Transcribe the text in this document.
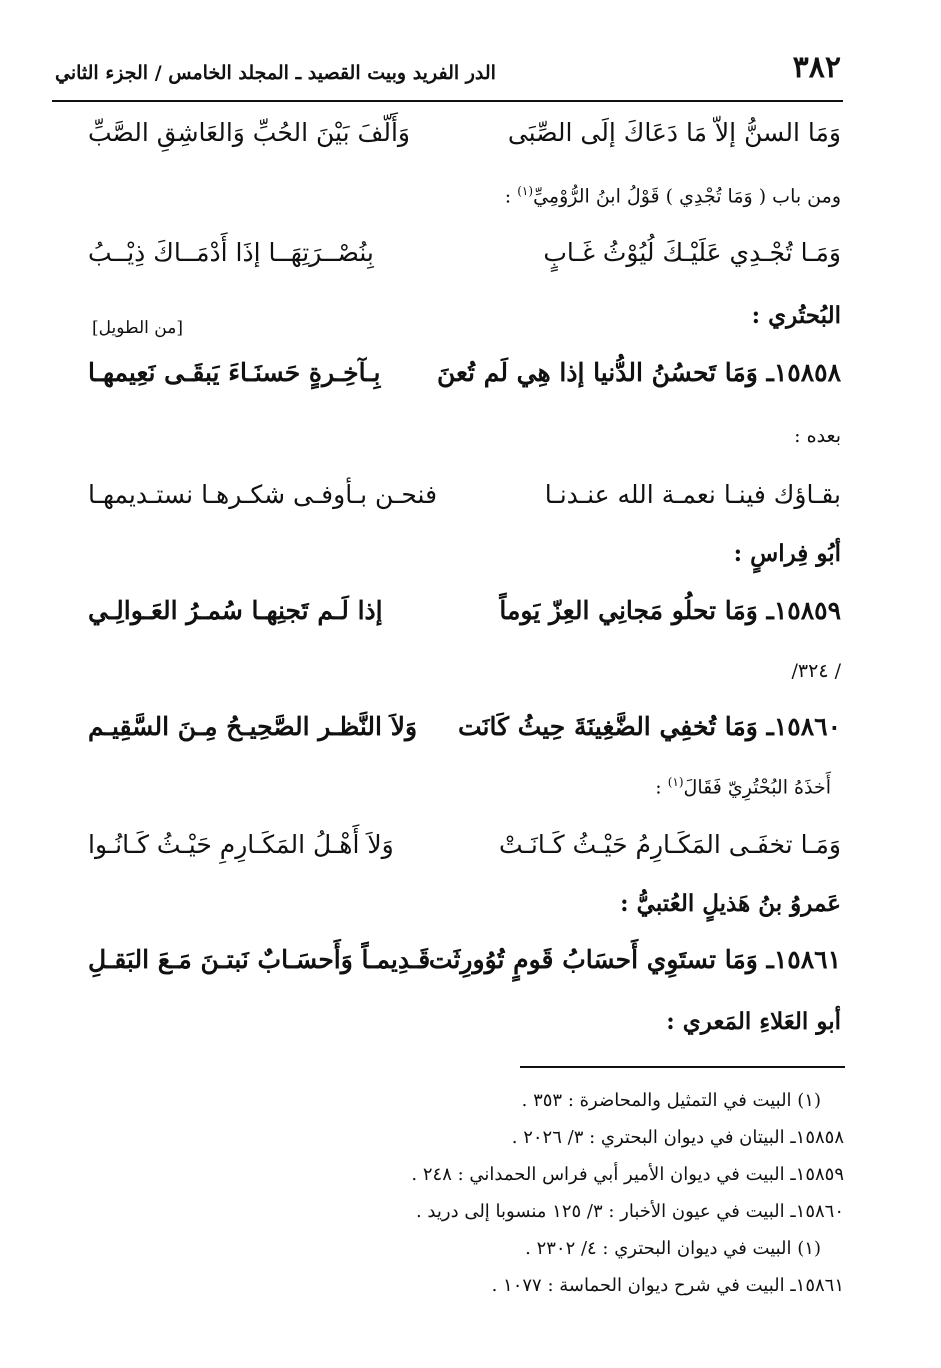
٣٨٢
الدر الفريد وبيت القصيد ـ المجلد الخامس / الجزء الثاني
وَمَا السنُّ إلاّ مَا دَعَاكَ إلَى الصِّبَى
وَأَلّفَ بَيْنَ الحُبِّ وَالعَاشِقِ الصَّبِّ
ومن باب ( وَمَا تُجْدِي ) قَوْلُ ابنُ الرُّوْمِيِّ$^{(١)}$ :
وَمَـا تُجْـدِي عَلَيْـكَ لُيُوْثُ غَـابٍ
بِنُصْــرَتِهَــا إذَا أَدْمَــاكَ ذِيْــبُ
البُحتُري :
[من الطويل]
١٥٨٥٨ـ وَمَا تَحسُنُ الدُّنيا إذا هِي لَم تُعنَ
بِـآخِـرةٍ حَسنَـاءَ يَبقَـى نَعِيمهـا
بعده :
بقـاؤك فينـا نعمـة الله عنـدنـا
فنحـن بـأوفـى شكـرهـا نستـديمهـا
أبُو فِراسٍ :
١٥٨٥٩ـ وَمَا تحلُو مَجانِي العِزّ يَوماً
إذا لَـم تَجنِهـا سُمـرُ العَـوالِـي
/ ٣٢٤/
١٥٨٦٠ـ وَمَا تُخفِي الضَّغِينَةَ حِيثُ كَانَت
وَلاَ النَّظـر الصَّحِيـحُ مِـنَ السَّقِيـم
أَخذَهُ البُحْتُرِيّ فَقَالَ$^{(١)}$ :
وَمَـا تخفَـى المَكَـارِمُ حَيْـثُ كَـانَـتْ
وَلاَ أَهْـلُ المَكَـارِمِ حَيْـثُ كَـانُـوا
عَمروُ بنُ هَذيلٍ العُتبيُّ :
١٥٨٦١ـ وَمَا تستَوِي أَحسَابُ قَومٍ تُوُورِثَت
قَـدِيمـاً وَأَحسَـابٌ نَبتـنَ مَـعَ البَقـلِ
أبو العَلاءِ المَعري :
(١) البيت في التمثيل والمحاضرة : ٣٥٣ .
١٥٨٥٨ـ البيتان في ديوان البحتري : ٣/ ٢٠٢٦ .
١٥٨٥٩ـ البيت في ديوان الأمير أبي فراس الحمداني : ٢٤٨ .
١٥٨٦٠ـ البيت في عيون الأخبار : ٣/ ١٢٥ منسوبا إلى دريد .
(١) البيت في ديوان البحتري : ٤/ ٢٣٠٢ .
١٥٨٦١ـ البيت في شرح ديوان الحماسة : ١٠٧٧ .
